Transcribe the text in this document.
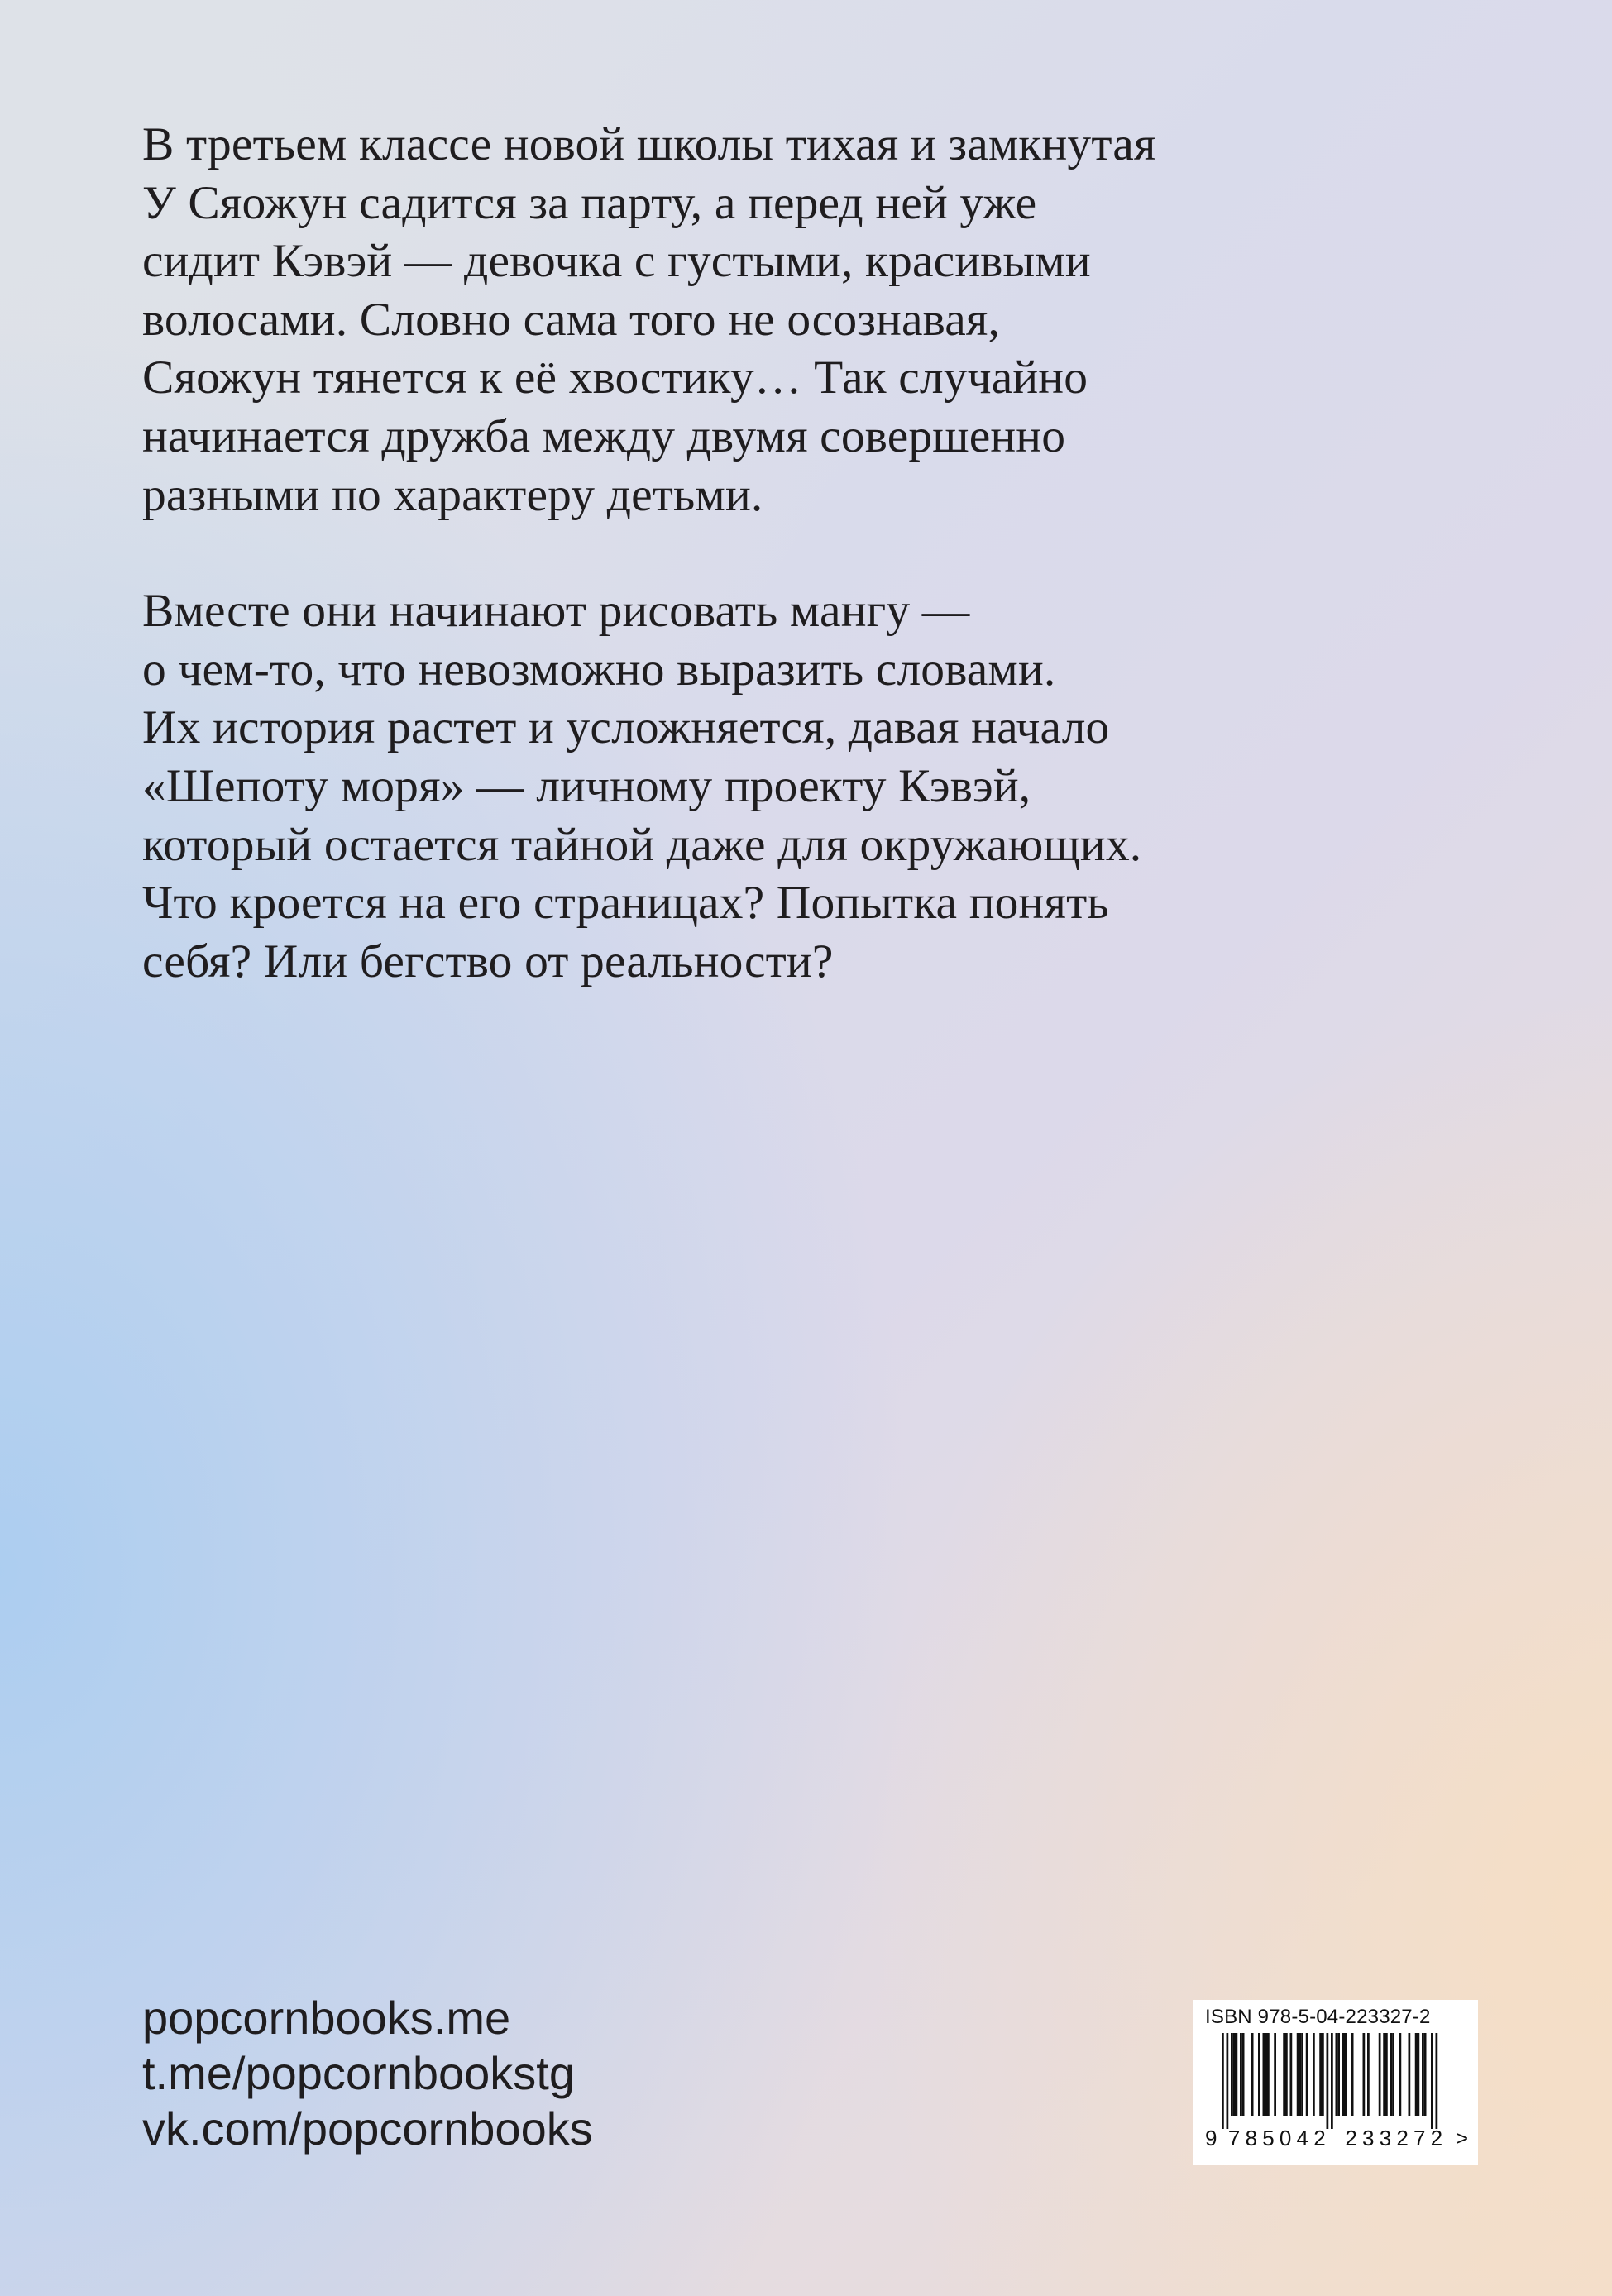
В третьем классе новой школы тихая и замкнутая
У Сяожун садится за парту, а перед ней уже
сидит Кэвэй — девочка с густыми, красивыми
волосами. Словно сама того не осознавая,
Сяожун тянется к её хвостику… Так случайно
начинается дружба между двумя совершенно
разными по характеру детьми.

Вместе они начинают рисовать мангу —
о чем-то, что невозможно выразить словами.
Их история растет и усложняется, давая начало
«Шепоту моря» — личному проекту Кэвэй,
который остается тайной даже для окружающих.
Что кроется на его страницах? Попытка понять
себя? Или бегство от реальности?

popcornbooks.me
t.me/popcornbookstg
vk.com/popcornbooks
ISBN 978-5-04-223327-2
9 785042 233272 >
